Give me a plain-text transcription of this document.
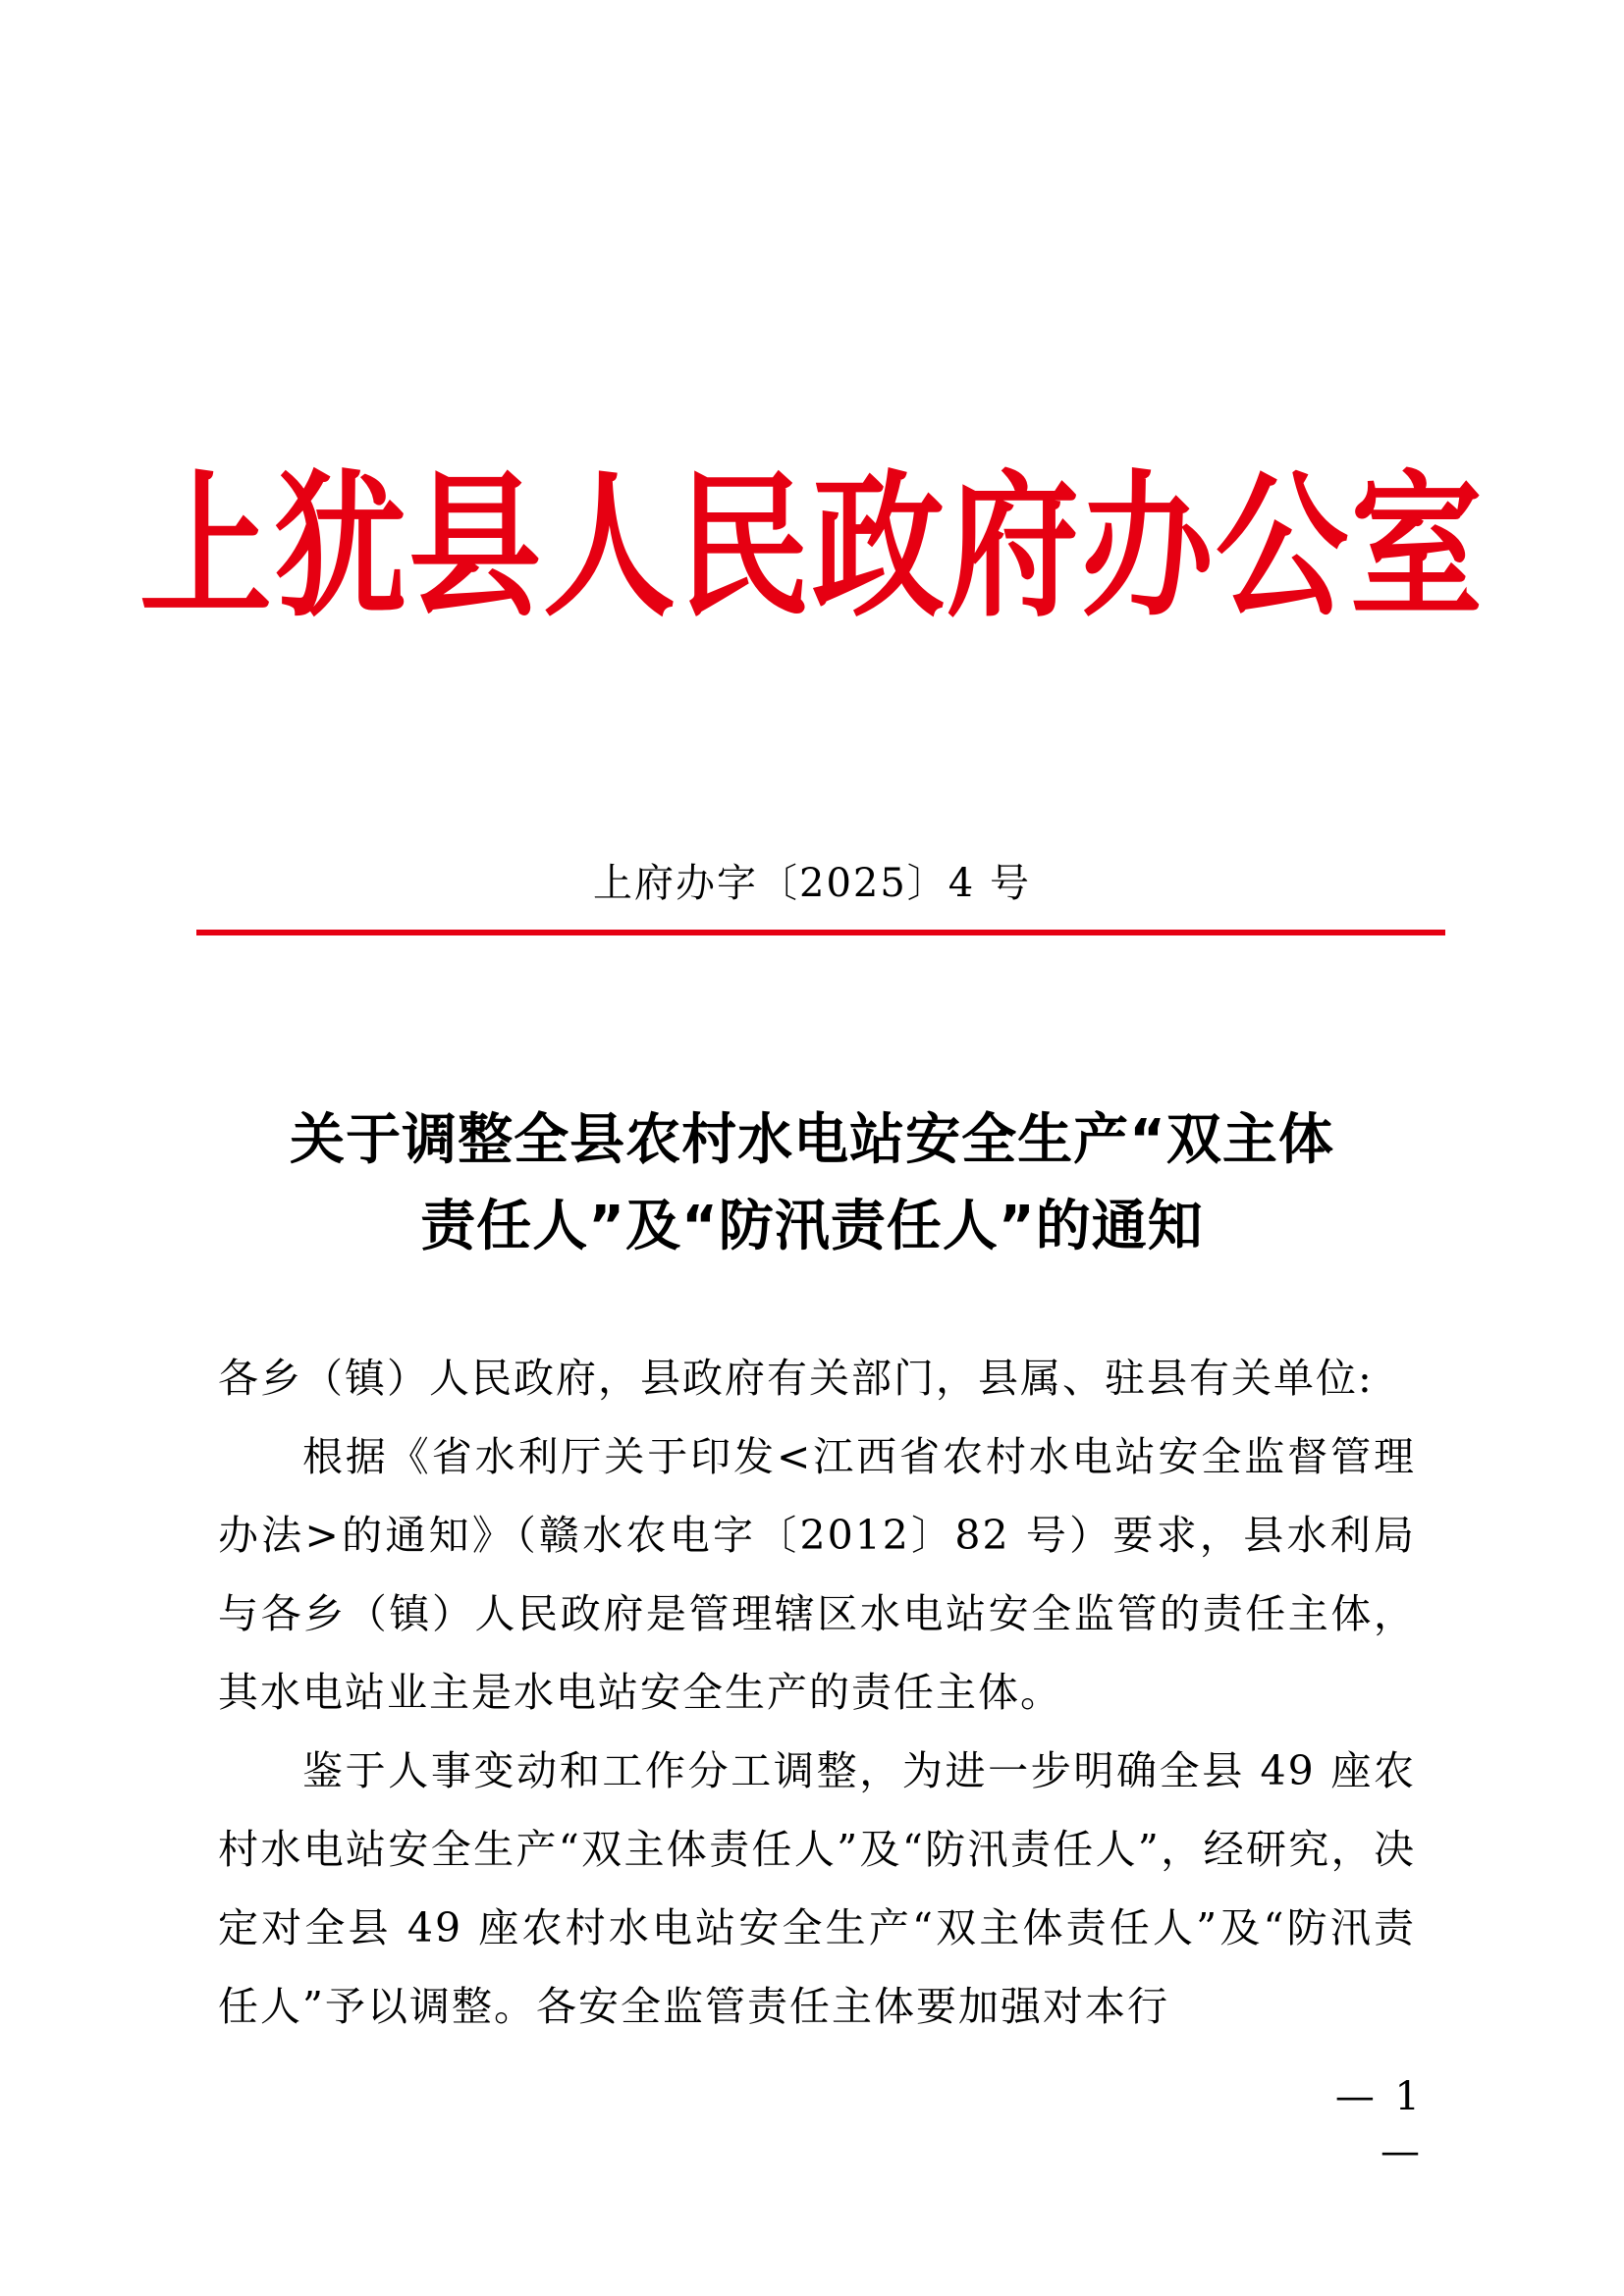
上犹县人民政府办公室
上府办字〔2025〕4 号
关于调整全县农村水电站安全生产“双主体
责任人”及“防汛责任人”的通知

各乡（镇）人民政府，县政府有关部门，县属、驻县有关单位:

根据《省水利厅关于印发<江西省农村水电站安全监督管理办法>的通知》（赣水农电字〔2012〕82 号）要求，县水利局与各乡（镇）人民政府是管理辖区水电站安全监管的责任主体，其水电站业主是水电站安全生产的责任主体。

鉴于人事变动和工作分工调整，为进一步明确全县 49 座农村水电站安全生产“双主体责任人”及“防汛责任人”，经研究，决定对全县 49 座农村水电站安全生产“双主体责任人”及“防汛责任人”予以调整。各安全监管责任主体要加强对本行

— 1 —
